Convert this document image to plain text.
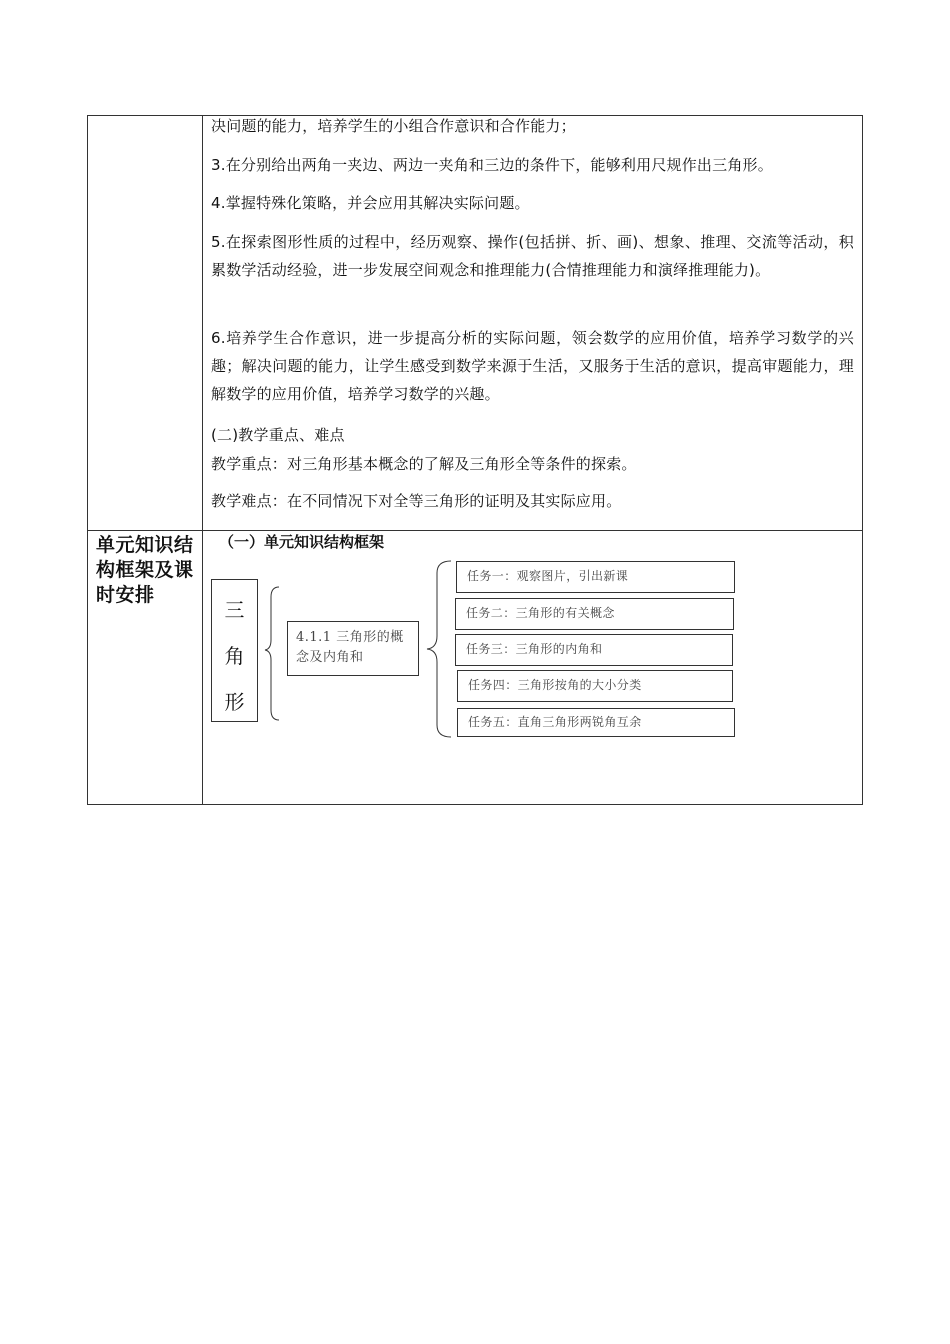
决问题的能力，培养学生的小组合作意识和合作能力；
3.在分别给出两角一夹边、两边一夹角和三边的条件下，能够利用尺规作出三角形。
4.掌握特殊化策略，并会应用其解决实际问题。
5.在探索图形性质的过程中，经历观察、操作(包括拼、折、画)、想象、推理、交流等活动，积累数学活动经验，进一步发展空间观念和推理能力(合情推理能力和演绎推理能力)。
6.培养学生合作意识，进一步提高分析的实际问题，领会数学的应用价值，培养学习数学的兴趣；解决问题的能力，让学生感受到数学来源于生活，又服务于生活的意识，提高审题能力，理解数学的应用价值，培养学习数学的兴趣。
(二)教学重点、难点
教学重点：对三角形基本概念的了解及三角形全等条件的探索。
教学难点：在不同情况下对全等三角形的证明及其实际应用。
单元知识结构框架及课时安排
（一）单元知识结构框架
三
角
形
4.1.1 三角形的概念及内角和
任务一：观察图片，引出新课
任务二：三角形的有关概念
任务三：三角形的内角和
任务四：三角形按角的大小分类
任务五：直角三角形两锐角互余
